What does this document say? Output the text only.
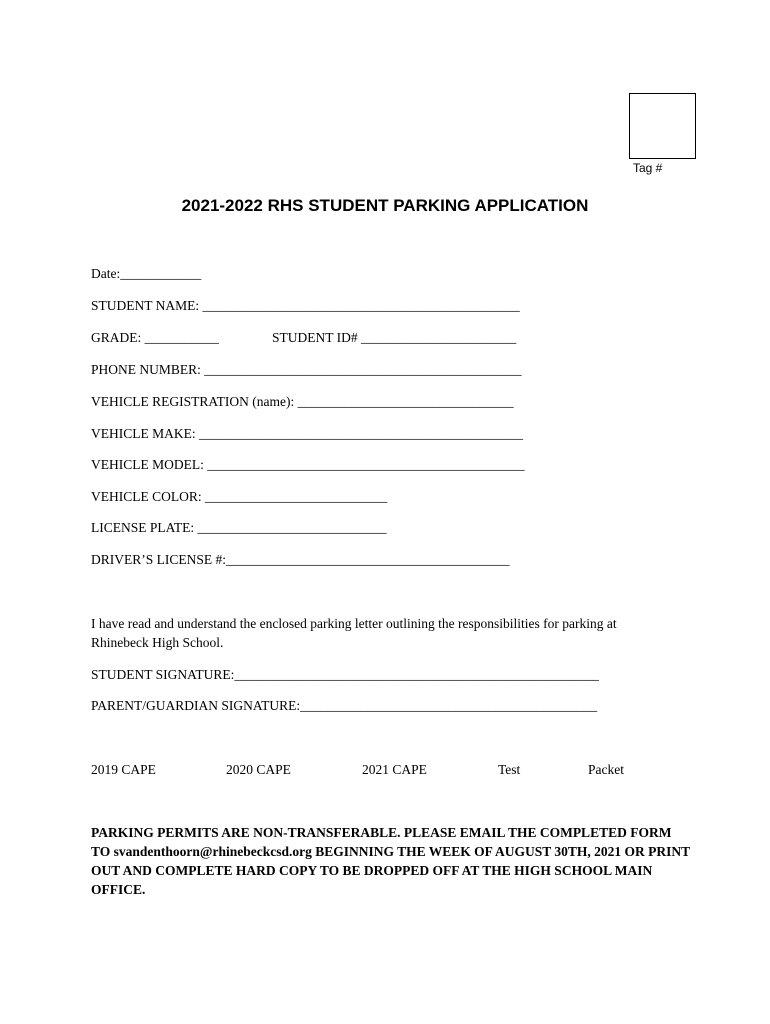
Tag #
2021-2022 RHS STUDENT PARKING APPLICATION
Date:____________
STUDENT NAME: _______________________________________________
GRADE: ___________	STUDENT ID# _______________________
PHONE NUMBER: _______________________________________________
VEHICLE REGISTRATION (name): ________________________________
VEHICLE MAKE: ________________________________________________
VEHICLE MODEL: _______________________________________________
VEHICLE COLOR: ___________________________
LICENSE PLATE: ____________________________
DRIVER’S LICENSE #:__________________________________________
I have read and understand the enclosed parking letter outlining the responsibilities for parking at Rhinebeck High School.
STUDENT SIGNATURE:______________________________________________________
PARENT/GUARDIAN SIGNATURE:____________________________________________
2019 CAPE	2020 CAPE	2021 CAPE	Test	Packet
PARKING PERMITS ARE NON-TRANSFERABLE. PLEASE EMAIL THE COMPLETED FORM TO svandenthoorn@rhinebeckcsd.org BEGINNING THE WEEK OF AUGUST 30TH, 2021 OR PRINT OUT AND COMPLETE HARD COPY TO BE DROPPED OFF AT THE HIGH SCHOOL MAIN OFFICE.
